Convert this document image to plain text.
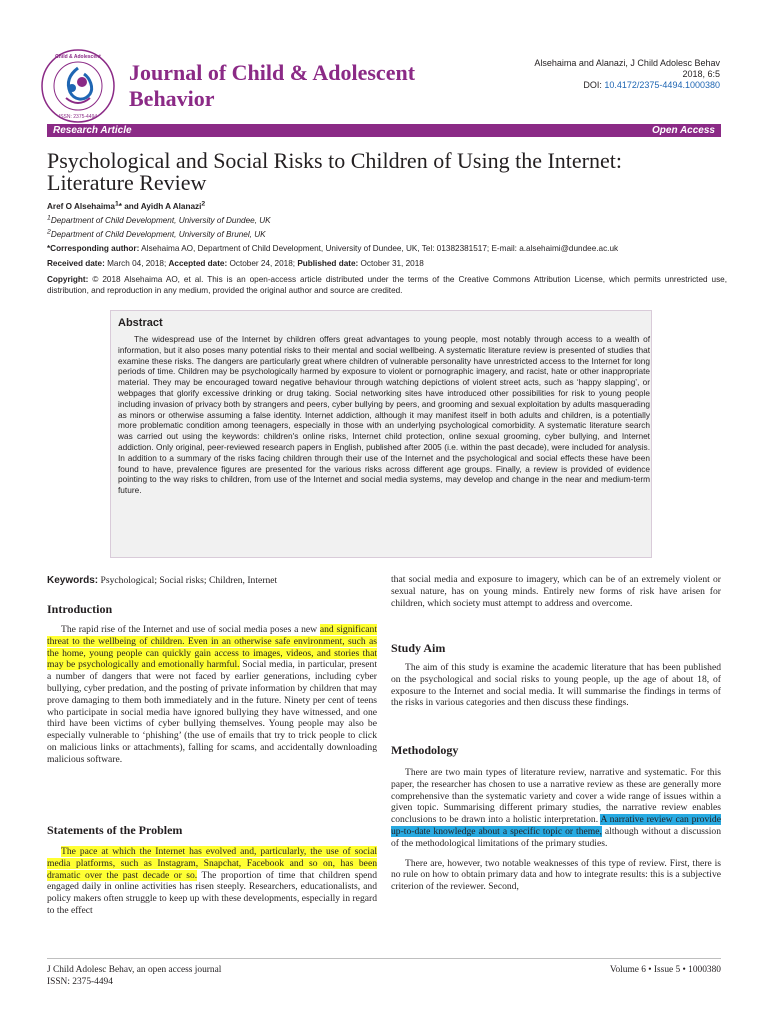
Child & Adolescent
ISSN: 2375-4494
Journal of Child & Adolescent
Behavior
Alsehaima and Alanazi, J Child Adolesc Behav
2018, 6:5
DOI: 10.4172/2375-4494.1000380
Research Article	Open Access
Psychological and Social Risks to Children of Using the Internet:
Literature Review
Aref O Alsehaima$^1$* and Ayidh A Alanazi$^2$
$^1$Department of Child Development, University of Dundee, UK
$^2$Department of Child Development, University of Brunel, UK
*Corresponding author: Alsehaima AO, Department of Child Development, University of Dundee, UK, Tel: 01382381517; E-mail: a.alsehaimi@dundee.ac.uk
Received date: March 04, 2018; Accepted date: October 24, 2018; Published date: October 31, 2018
Copyright: © 2018 Alsehaima AO, et al. This is an open-access article distributed under the terms of the Creative Commons Attribution License, which permits unrestricted use, distribution, and reproduction in any medium, provided the original author and source are credited.
Abstract
The widespread use of the Internet by children offers great advantages to young people, most notably through access to a wealth of information, but it also poses many potential risks to their mental and social wellbeing. A systematic literature review is presented of studies that examine these risks. The dangers are particularly great where children of vulnerable personality have unrestricted access to the Internet for long periods of time. Children may be psychologically harmed by exposure to violent or pornographic imagery, and racist, hate or other inappropriate material. They may be encouraged toward negative behaviour through watching depictions of violent street acts, such as ‘happy slapping’, or webpages that glorify excessive drinking or drug taking. Social networking sites have introduced other possibilities for risk to young people including invasion of privacy both by strangers and peers, cyber bullying by peers, and grooming and sexual exploitation by adults masquerading as minors or otherwise assuming a false identity. Internet addiction, although it may manifest itself in both adults and children, is a potentially more problematic condition among teenagers, especially in those with an underlying psychological comorbidity. A systematic literature search was carried out using the keywords: children's online risks, Internet child protection, online sexual grooming, cyber bullying, and Internet addiction. Only original, peer-reviewed research papers in English, published after 2005 (i.e. within the past decade), were included for analysis. In addition to a summary of the risks facing children through their use of the Internet and the psychological and social effects these have been found to have, prevalence figures are presented for the various risks across different age groups. Finally, a review is provided of evidence pointing to the way risks to children, from use of the Internet and social media systems, may develop and change in the near and medium-term future.
Keywords: Psychological; Social risks; Children, Internet
Introduction

The rapid rise of the Internet and use of social media poses a new and significant threat to the wellbeing of children. Even in an otherwise safe environment, such as the home, young people can quickly gain access to images, videos, and stories that may be psychologically and emotionally harmful. Social media, in particular, present a number of dangers that were not faced by earlier generations, including cyber bullying, cyber predation, and the posting of private information by children that may prove damaging to them both immediately and in the future. Ninety per cent of teens who participate in social media have ignored bullying they have witnessed, and one third have been victims of cyber bullying themselves. Young people may also be especially vulnerable to ‘phishing’ (the use of emails that try to trick people to click on malicious links or attachments), falling for scams, and accidentally downloading malicious software.

Statements of the Problem

The pace at which the Internet has evolved and, particularly, the use of social media platforms, such as Instagram, Snapchat, Facebook and so on, has been dramatic over the past decade or so. The proportion of time that children spend engaged daily in online activities has risen steeply. Researchers, educationalists, and policy makers often struggle to keep up with these developments, especially in regard to the effect

that social media and exposure to imagery, which can be of an extremely violent or sexual nature, has on young minds. Entirely new forms of risk have arisen for children, which society must attempt to address and overcome.

Study Aim

The aim of this study is examine the academic literature that has been published on the psychological and social risks to young people, up the age of about 18, of exposure to the Internet and social media. It will summarise the findings in terms of the risks in various categories and then discuss these findings.

Methodology

There are two main types of literature review, narrative and systematic. For this paper, the researcher has chosen to use a narrative review as these are generally more comprehensive than the systematic variety and cover a wide range of issues within a given topic. Summarising different primary studies, the narrative review enables conclusions to be drawn into a holistic interpretation. A narrative review can provide up-to-date knowledge about a specific topic or theme, although without a discussion of the methodological limitations of the primary studies.

There are, however, two notable weaknesses of this type of review. First, there is no rule on how to obtain primary data and how to integrate results: this is a subjective criterion of the reviewer. Second,

J Child Adolesc Behav, an open access journal
ISSN: 2375-4494
Volume 6 • Issue 5 • 1000380
